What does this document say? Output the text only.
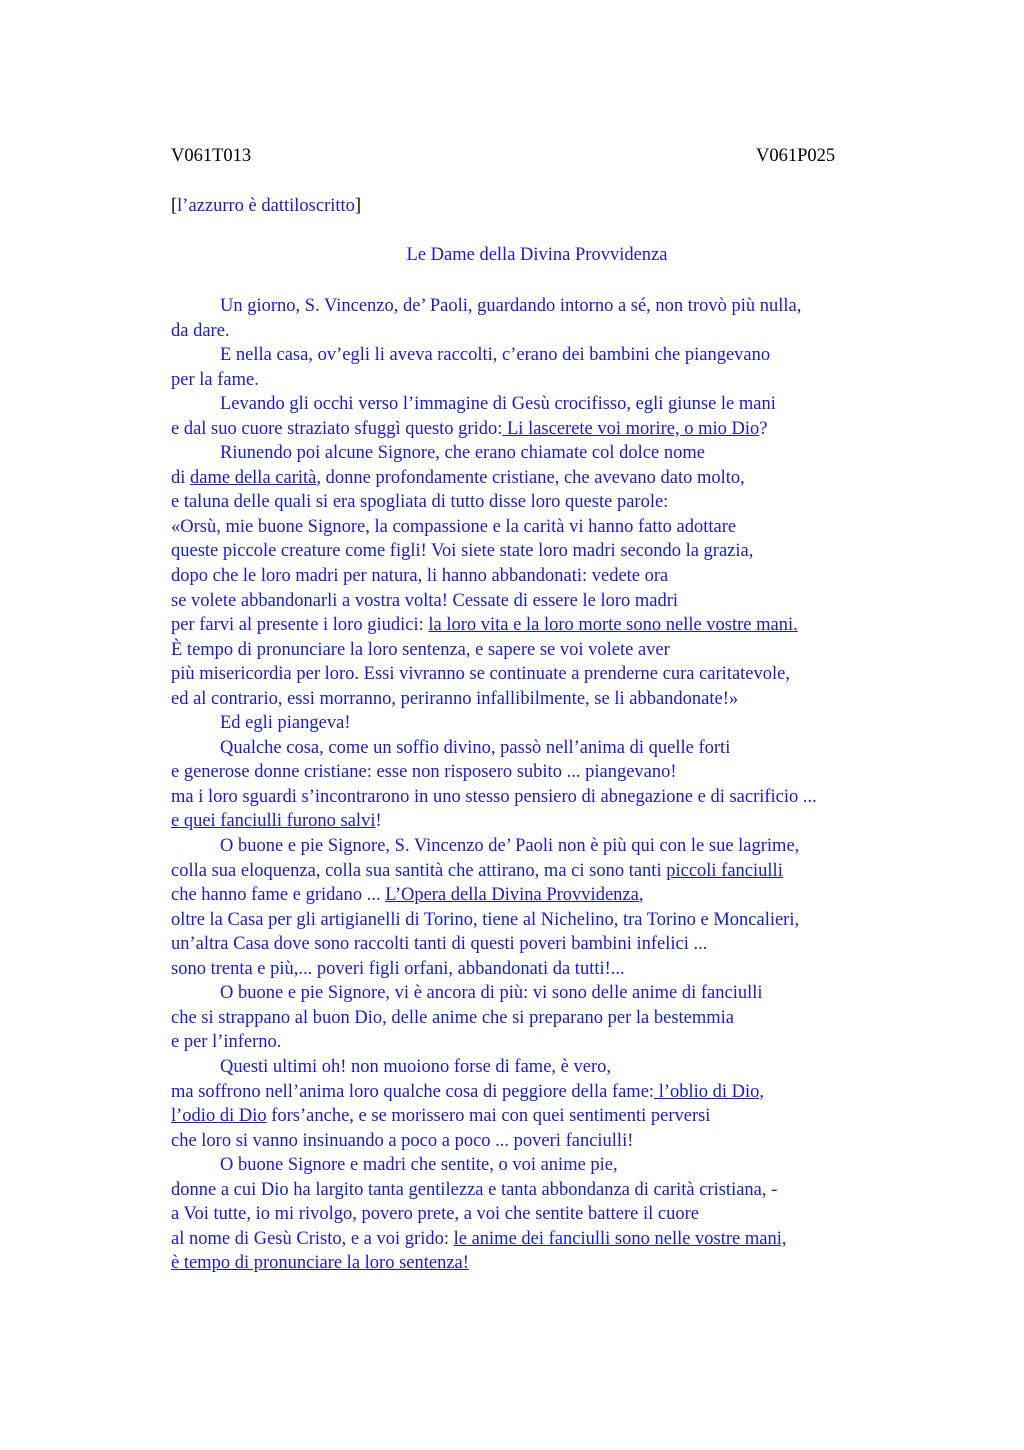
V061T013	V061P025
[l’azzurro è dattiloscritto]
Le Dame della Divina Provvidenza
Un giorno, S. Vincenzo, de’ Paoli, guardando intorno a sé, non trovò più nulla,
da dare.
E nella casa, ov’egli li aveva raccolti, c’erano dei bambini che piangevano
per la fame.
Levando gli occhi verso l’immagine di Gesù crocifisso, egli giunse le mani
e dal suo cuore straziato sfuggì questo grido: Li lascerete voi morire, o mio Dio?
Riunendo poi alcune Signore, che erano chiamate col dolce nome
di dame della carità, donne profondamente cristiane, che avevano dato molto,
e taluna delle quali si era spogliata di tutto disse loro queste parole:
«Orsù, mie buone Signore, la compassione e la carità vi hanno fatto adottare
queste piccole creature come figli! Voi siete state loro madri secondo la grazia,
dopo che le loro madri per natura, li hanno abbandonati: vedete ora
se volete abbandonarli a vostra volta! Cessate di essere le loro madri
per farvi al presente i loro giudici: la loro vita e la loro morte sono nelle vostre mani.
È tempo di pronunciare la loro sentenza, e sapere se voi volete aver
più misericordia per loro. Essi vivranno se continuate a prenderne cura caritatevole,
ed al contrario, essi morranno, periranno infallibilmente, se li abbandonate!»
Ed egli piangeva!
Qualche cosa, come un soffio divino, passò nell’anima di quelle forti
e generose donne cristiane: esse non risposero subito ... piangevano!
ma i loro sguardi s’incontrarono in uno stesso pensiero di abnegazione e di sacrificio ...
e quei fanciulli furono salvi!
O buone e pie Signore, S. Vincenzo de’ Paoli non è più qui con le sue lagrime,
colla sua eloquenza, colla sua santità che attirano, ma ci sono tanti piccoli fanciulli
che hanno fame e gridano ... L’Opera della Divina Provvidenza,
oltre la Casa per gli artigianelli di Torino, tiene al Nichelino, tra Torino e Moncalieri,
un’altra Casa dove sono raccolti tanti di questi poveri bambini infelici ...
sono trenta e più,... poveri figli orfani, abbandonati da tutti!...
O buone e pie Signore, vi è ancora di più: vi sono delle anime di fanciulli
che si strappano al buon Dio, delle anime che si preparano per la bestemmia
e per l’inferno.
Questi ultimi oh! non muoiono forse di fame, è vero,
ma soffrono nell’anima loro qualche cosa di peggiore della fame: l’oblio di Dio,
l’odio di Dio fors’anche, e se morissero mai con quei sentimenti perversi
che loro si vanno insinuando a poco a poco ... poveri fanciulli!
O buone Signore e madri che sentite, o voi anime pie,
donne a cui Dio ha largito tanta gentilezza e tanta abbondanza di carità cristiana, -
a Voi tutte, io mi rivolgo, povero prete, a voi che sentite battere il cuore
al nome di Gesù Cristo, e a voi grido: le anime dei fanciulli sono nelle vostre mani,
è tempo di pronunciare la loro sentenza!
